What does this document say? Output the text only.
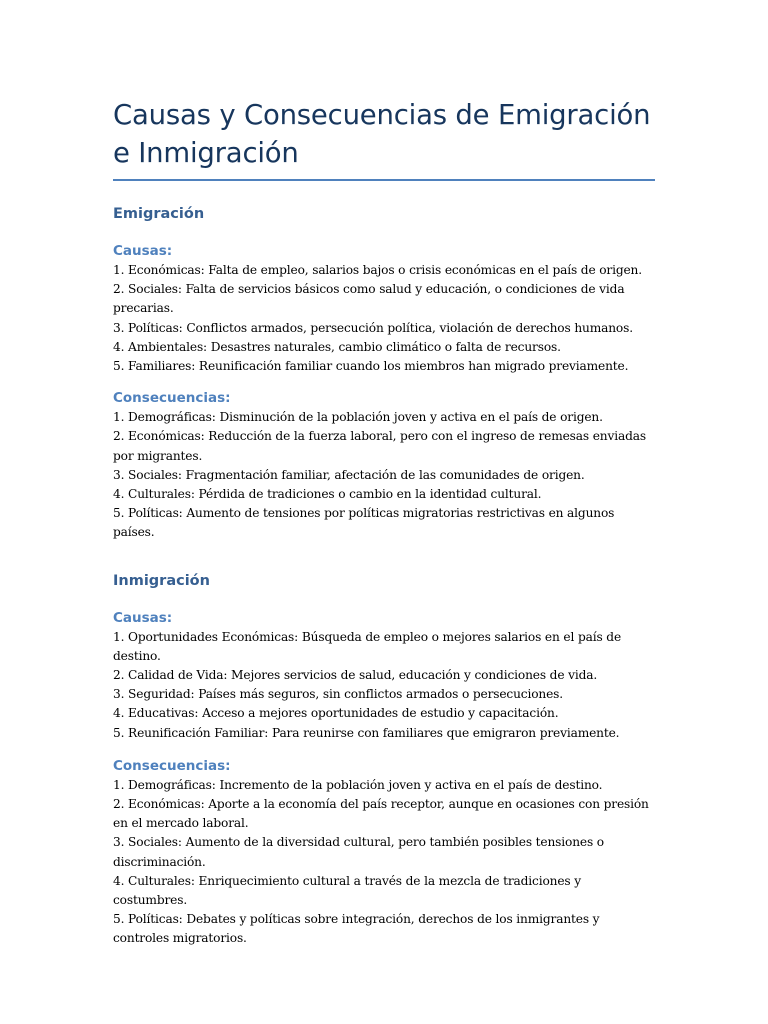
Causas y Consecuencias de Emigración e Inmigración
Emigración
Causas:
1. Económicas: Falta de empleo, salarios bajos o crisis económicas en el país de origen.
2. Sociales: Falta de servicios básicos como salud y educación, o condiciones de vida precarias.
3. Políticas: Conflictos armados, persecución política, violación de derechos humanos.
4. Ambientales: Desastres naturales, cambio climático o falta de recursos.
5. Familiares: Reunificación familiar cuando los miembros han migrado previamente.
Consecuencias:
1. Demográficas: Disminución de la población joven y activa en el país de origen.
2. Económicas: Reducción de la fuerza laboral, pero con el ingreso de remesas enviadas por migrantes.
3. Sociales: Fragmentación familiar, afectación de las comunidades de origen.
4. Culturales: Pérdida de tradiciones o cambio en la identidad cultural.
5. Políticas: Aumento de tensiones por políticas migratorias restrictivas en algunos países.
Inmigración
Causas:
1. Oportunidades Económicas: Búsqueda de empleo o mejores salarios en el país de destino.
2. Calidad de Vida: Mejores servicios de salud, educación y condiciones de vida.
3. Seguridad: Países más seguros, sin conflictos armados o persecuciones.
4. Educativas: Acceso a mejores oportunidades de estudio y capacitación.
5. Reunificación Familiar: Para reunirse con familiares que emigraron previamente.
Consecuencias:
1. Demográficas: Incremento de la población joven y activa en el país de destino.
2. Económicas: Aporte a la economía del país receptor, aunque en ocasiones con presión en el mercado laboral.
3. Sociales: Aumento de la diversidad cultural, pero también posibles tensiones o discriminación.
4. Culturales: Enriquecimiento cultural a través de la mezcla de tradiciones y costumbres.
5. Políticas: Debates y políticas sobre integración, derechos de los inmigrantes y controles migratorios.
